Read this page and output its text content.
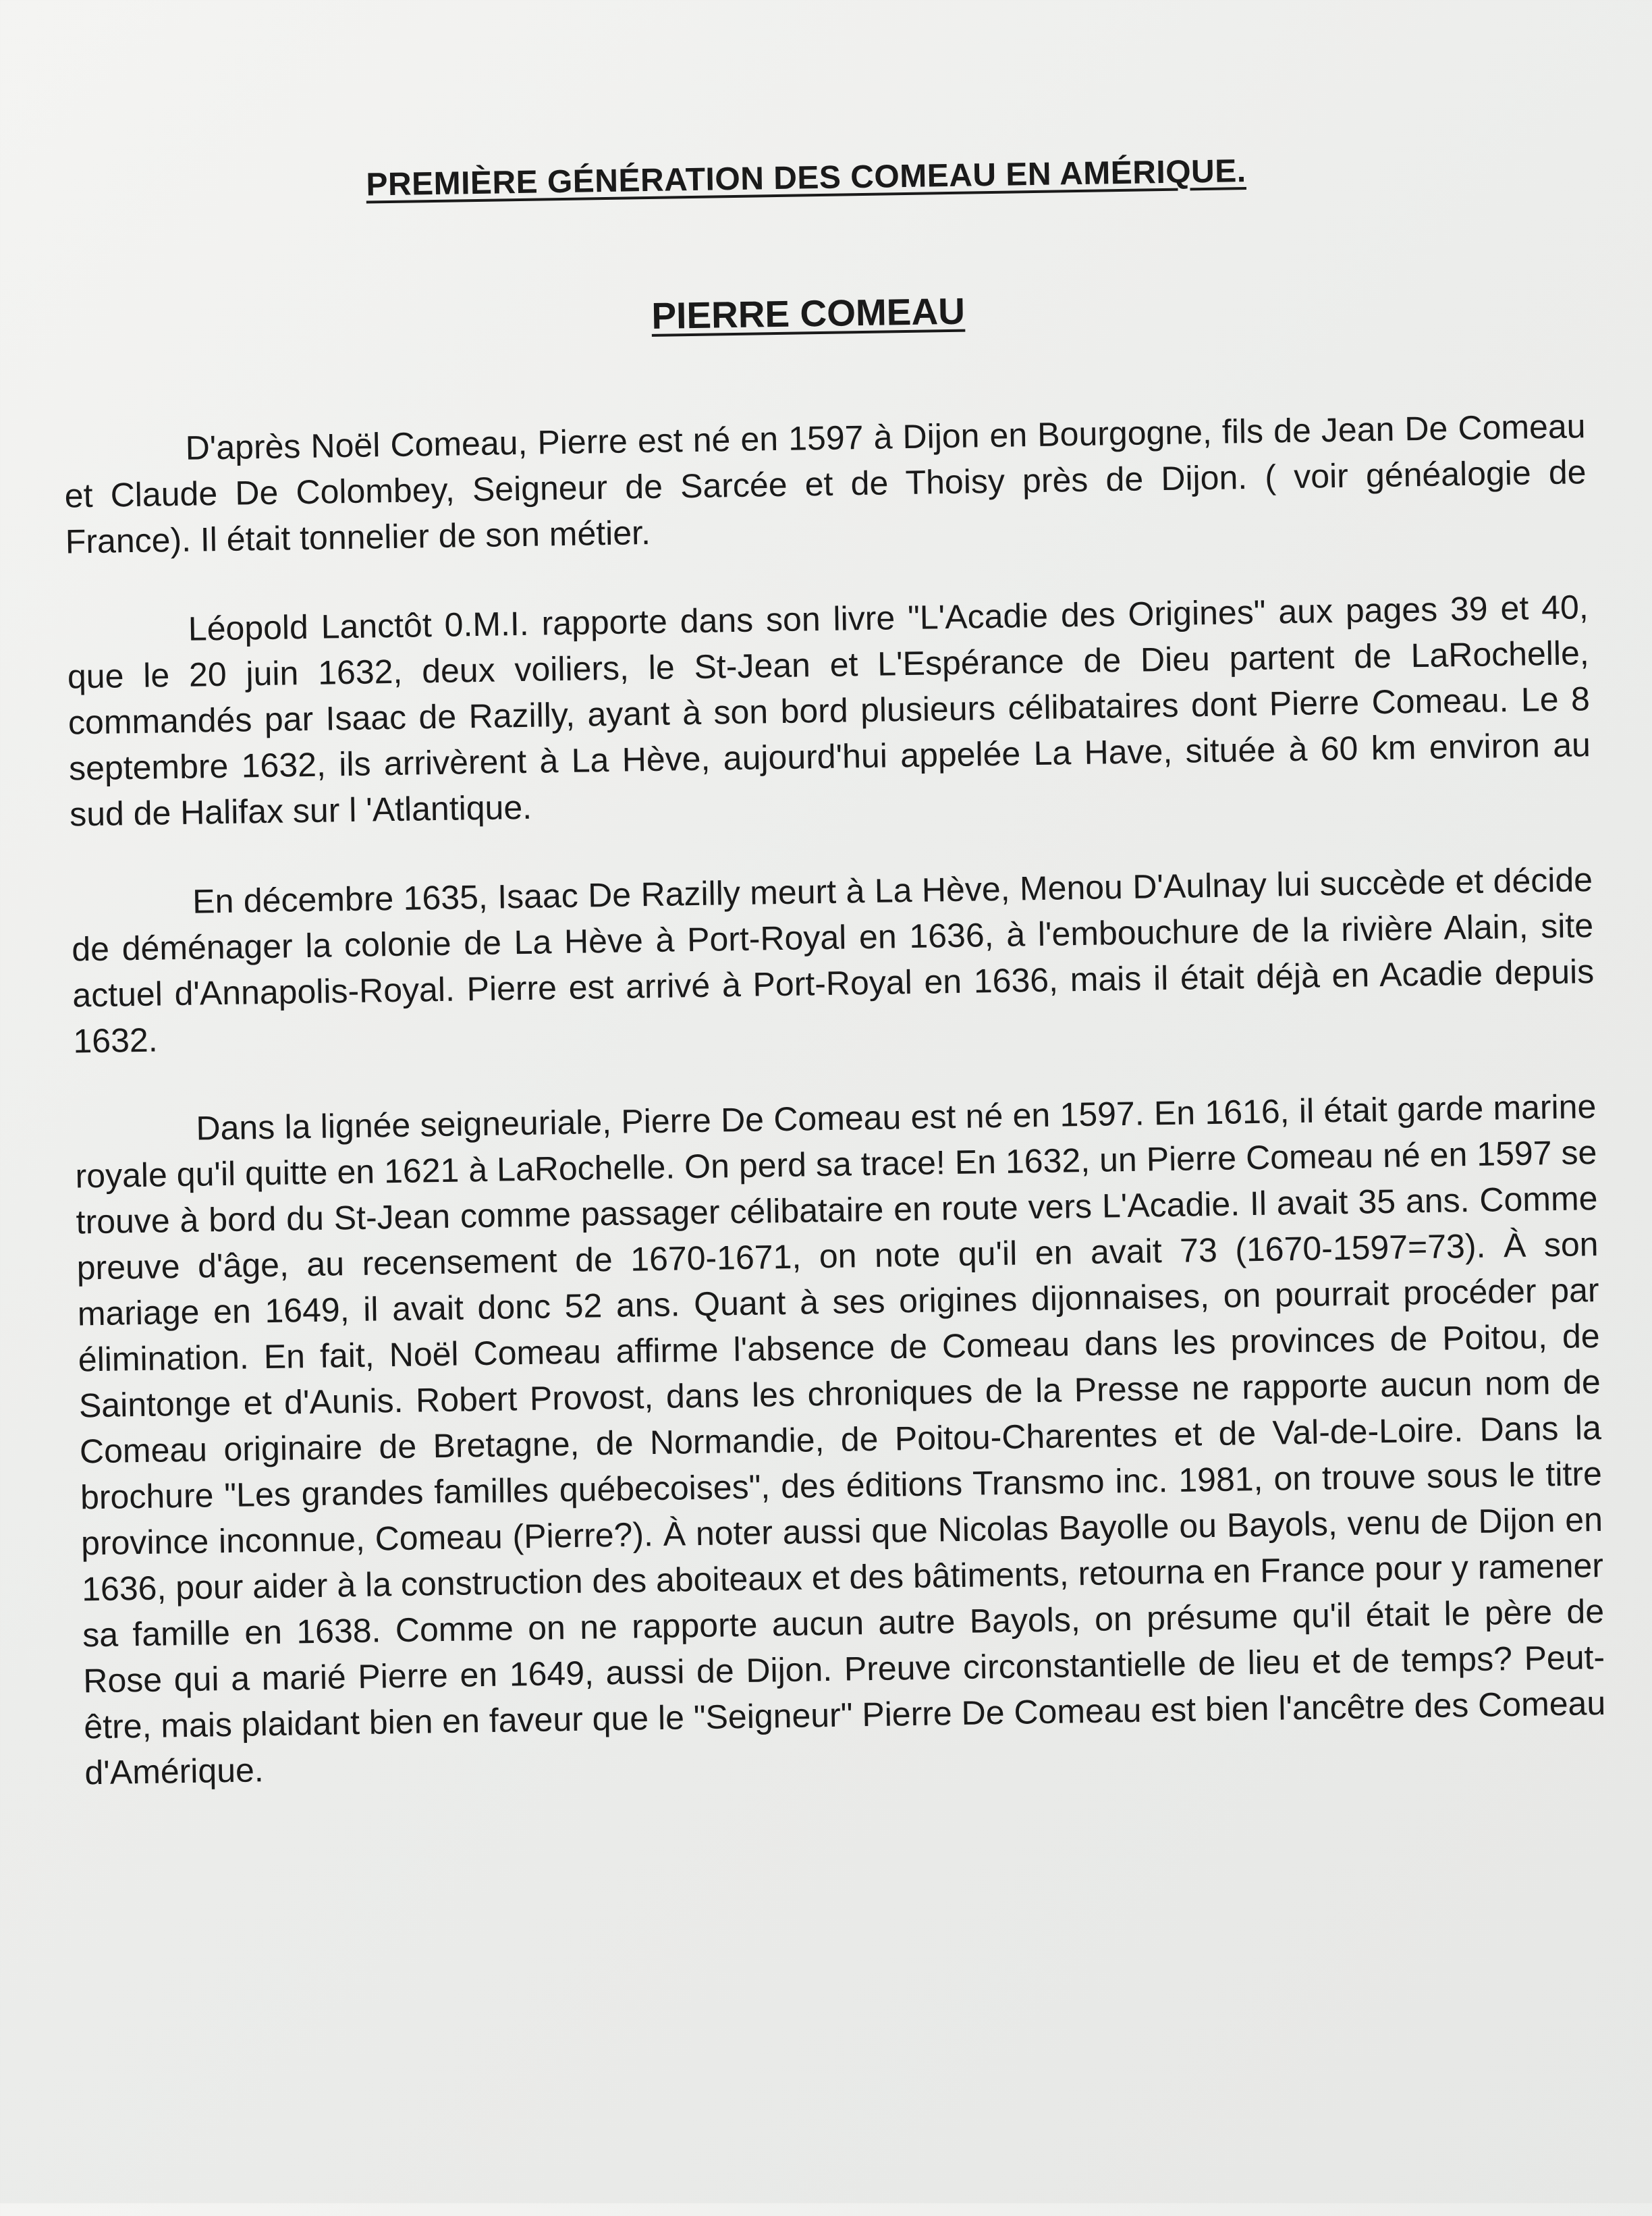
PREMIÈRE GÉNÉRATION DES COMEAU EN AMÉRIQUE.
PIERRE COMEAU

D'après Noël Comeau, Pierre est né en 1597 à Dijon en Bourgogne, fils de Jean De Comeau et Claude De Colombey, Seigneur de Sarcée et de Thoisy près de Dijon. ( voir généalogie de France). Il était tonnelier de son métier.

Léopold Lanctôt 0.M.I. rapporte dans son livre "L'Acadie des Origines" aux pages 39 et 40, que le 20 juin 1632, deux voiliers, le St-Jean et L'Espérance de Dieu partent de LaRochelle, commandés par Isaac de Razilly, ayant à son bord plusieurs célibataires dont Pierre Comeau. Le 8 septembre 1632, ils arrivèrent à La Hève, aujourd'hui appelée La Have, située à 60 km environ au sud de Halifax sur l 'Atlantique.

En décembre 1635, Isaac De Razilly meurt à La Hève, Menou D'Aulnay lui succède et décide de déménager la colonie de La Hève à Port-Royal en 1636, à l'embouchure de la rivière Alain, site actuel d'Annapolis-Royal. Pierre est arrivé à Port-Royal en 1636, mais il était déjà en Acadie depuis 1632.

Dans la lignée seigneuriale, Pierre De Comeau est né en 1597. En 1616, il était garde marine royale qu'il quitte en 1621 à LaRochelle. On perd sa trace! En 1632, un Pierre Comeau né en 1597 se trouve à bord du St-Jean comme passager célibataire en route vers L'Acadie. Il avait 35 ans. Comme preuve d'âge, au recensement de 1670-1671, on note qu'il en avait 73 (1670-1597=73). À son mariage en 1649, il avait donc 52 ans. Quant à ses origines dijonnaises, on pourrait procéder par élimination. En fait, Noël Comeau affirme l'absence de Comeau dans les provinces de Poitou, de Saintonge et d'Aunis. Robert Provost, dans les chroniques de la Presse ne rapporte aucun nom de Comeau originaire de Bretagne, de Normandie, de Poitou-Charentes et de Val-de-Loire. Dans la brochure "Les grandes familles québecoises", des éditions Transmo inc. 1981, on trouve sous le titre province inconnue, Comeau (Pierre?). À noter aussi que Nicolas Bayolle ou Bayols, venu de Dijon en 1636, pour aider à la construction des aboiteaux et des bâtiments, retourna en France pour y ramener sa famille en 1638. Comme on ne rapporte aucun autre Bayols, on présume qu'il était le père de Rose qui a marié Pierre en 1649, aussi de Dijon. Preuve circonstantielle de lieu et de temps? Peut-être, mais plaidant bien en faveur que le "Seigneur" Pierre De Comeau est bien l'ancêtre des Comeau d'Amérique.
